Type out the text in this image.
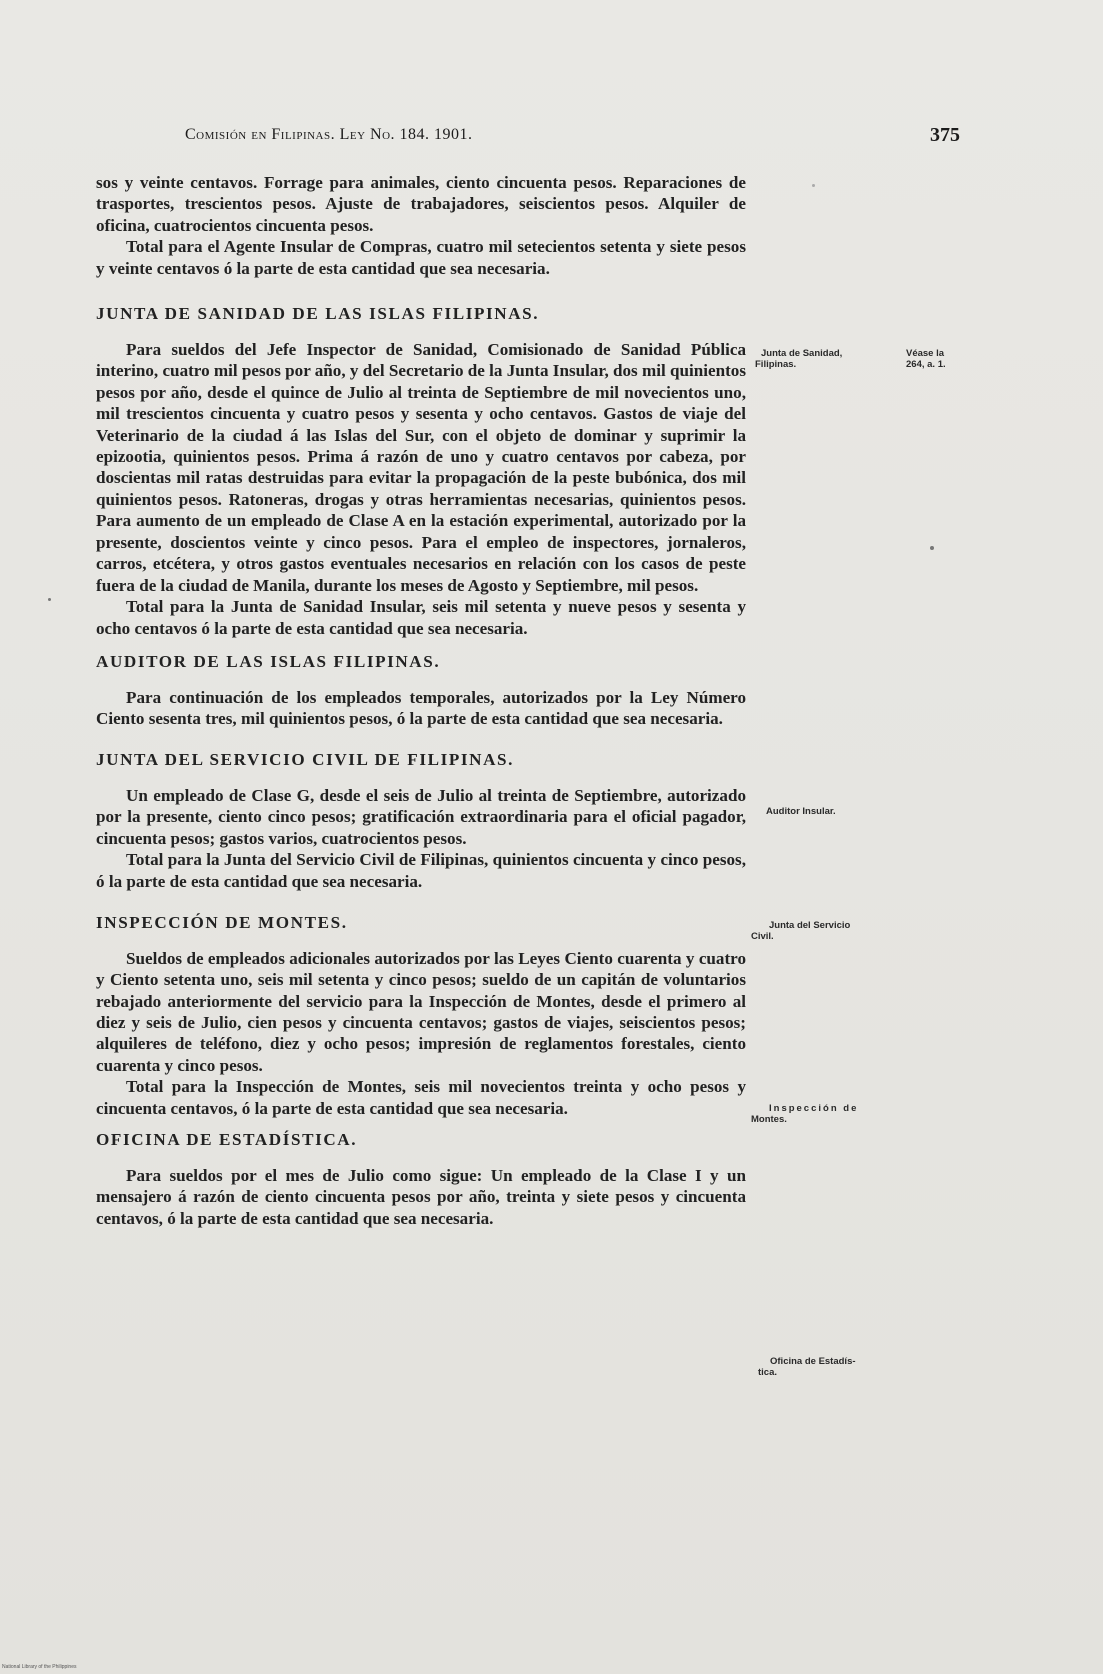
Comisión en Filipinas. Ley No. 184. 1901.	375

sos y veinte centavos. Forrage para animales, ciento cincuenta pesos. Reparaciones de trasportes, trescientos pesos. Ajuste de trabajadores, seiscientos pesos. Alquiler de oficina, cuatrocientos cincuenta pesos.

Total para el Agente Insular de Compras, cuatro mil setecientos setenta y siete pesos y veinte centavos ó la parte de esta cantidad que sea necesaria.

JUNTA DE SANIDAD DE LAS ISLAS FILIPINAS.

Para sueldos del Jefe Inspector de Sanidad, Comisionado de Sanidad Pública interino, cuatro mil pesos por año, y del Secretario de la Junta Insular, dos mil quinientos pesos por año, desde el quince de Julio al treinta de Septiembre de mil novecientos uno, mil trescientos cincuenta y cuatro pesos y sesenta y ocho centavos. Gastos de viaje del Veterinario de la ciudad á las Islas del Sur, con el objeto de dominar y suprimir la epizootia, quinientos pesos. Prima á razón de uno y cuatro centavos por cabeza, por doscientas mil ratas destruidas para evitar la propagación de la peste bubónica, dos mil quinientos pesos. Ratoneras, drogas y otras herramientas necesarias, quinientos pesos. Para aumento de un empleado de Clase A en la estación experimental, autorizado por la presente, doscientos veinte y cinco pesos. Para el empleo de inspectores, jornaleros, carros, etcétera, y otros gastos eventuales necesarios en relación con los casos de peste fuera de la ciudad de Manila, durante los meses de Agosto y Septiembre, mil pesos.

Total para la Junta de Sanidad Insular, seis mil setenta y nueve pesos y sesenta y ocho centavos ó la parte de esta cantidad que sea necesaria.

AUDITOR DE LAS ISLAS FILIPINAS.

Para continuación de los empleados temporales, autorizados por la Ley Número Ciento sesenta tres, mil quinientos pesos, ó la parte de esta cantidad que sea necesaria.

JUNTA DEL SERVICIO CIVIL DE FILIPINAS.

Un empleado de Clase G, desde el seis de Julio al treinta de Septiembre, autorizado por la presente, ciento cinco pesos; gratificación extraordinaria para el oficial pagador, cincuenta pesos; gastos varios, cuatrocientos pesos.

Total para la Junta del Servicio Civil de Filipinas, quinientos cincuenta y cinco pesos, ó la parte de esta cantidad que sea necesaria.

INSPECCIÓN DE MONTES.

Sueldos de empleados adicionales autorizados por las Leyes Ciento cuarenta y cuatro y Ciento setenta uno, seis mil setenta y cinco pesos; sueldo de un capitán de voluntarios rebajado anteriormente del servicio para la Inspección de Montes, desde el primero al diez y seis de Julio, cien pesos y cincuenta centavos; gastos de viajes, seiscientos pesos; alquileres de teléfono, diez y ocho pesos; impresión de reglamentos forestales, ciento cuarenta y cinco pesos.

Total para la Inspección de Montes, seis mil novecientos treinta y ocho pesos y cincuenta centavos, ó la parte de esta cantidad que sea necesaria.

OFICINA DE ESTADÍSTICA.

Para sueldos por el mes de Julio como sigue: Un empleado de la Clase I y un mensajero á razón de ciento cincuenta pesos por año, treinta y siete pesos y cincuenta centavos, ó la parte de esta cantidad que sea necesaria.

Junta de Sanidad,
Filipinas.
Véase la
264, a. 1.
Auditor Insular.
Junta del Servicio
Civil.
Inspección de
Montes.
Oficina de Estadís-
tica.
National Library of the Philippines
